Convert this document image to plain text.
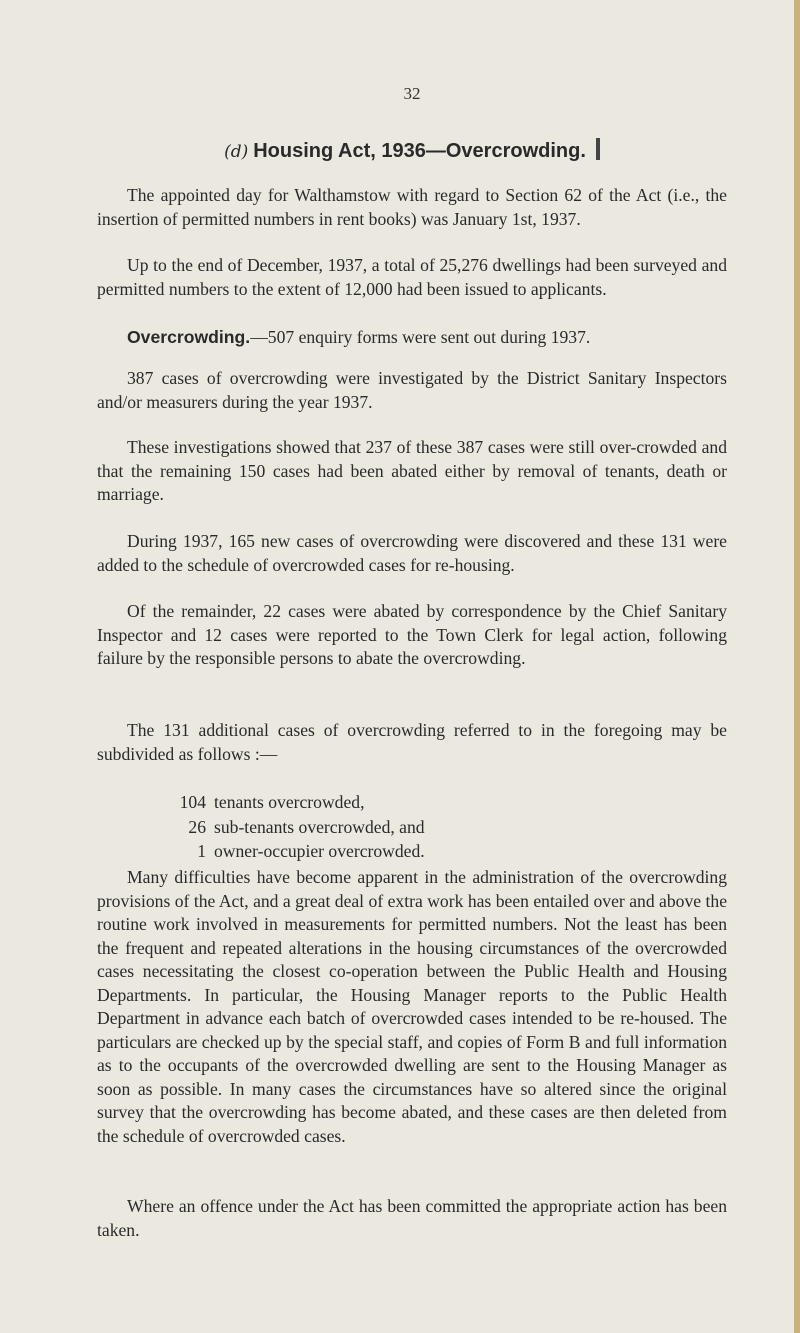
32
(d) Housing Act, 1936—Overcrowding.

The appointed day for Walthamstow with regard to Section 62 of the Act (i.e., the insertion of permitted numbers in rent books) was January 1st, 1937.

Up to the end of December, 1937, a total of 25,276 dwellings had been surveyed and permitted numbers to the extent of 12,000 had been issued to applicants.

Overcrowding.—507 enquiry forms were sent out during 1937.

387 cases of overcrowding were investigated by the District Sanitary Inspectors and/or measurers during the year 1937.

These investigations showed that 237 of these 387 cases were still over-crowded and that the remaining 150 cases had been abated either by removal of tenants, death or marriage.

During 1937, 165 new cases of overcrowding were discovered and these 131 were added to the schedule of overcrowded cases for re-housing.

Of the remainder, 22 cases were abated by correspondence by the Chief Sanitary Inspector and 12 cases were reported to the Town Clerk for legal action, following failure by the responsible persons to abate the overcrowding.

The 131 additional cases of overcrowding referred to in the foregoing may be subdivided as follows :—

104 tenants overcrowded,
26 sub-tenants overcrowded, and
1 owner-occupier overcrowded.

Many difficulties have become apparent in the administration of the overcrowding provisions of the Act, and a great deal of extra work has been entailed over and above the routine work involved in measurements for permitted numbers. Not the least has been the frequent and repeated alterations in the housing circumstances of the overcrowded cases necessitating the closest co-operation between the Public Health and Housing Departments. In particular, the Housing Manager reports to the Public Health Department in advance each batch of overcrowded cases intended to be re-housed. The particulars are checked up by the special staff, and copies of Form B and full information as to the occupants of the overcrowded dwelling are sent to the Housing Manager as soon as possible. In many cases the circumstances have so altered since the original survey that the overcrowding has become abated, and these cases are then deleted from the schedule of overcrowded cases.

Where an offence under the Act has been committed the appropriate action has been taken.
